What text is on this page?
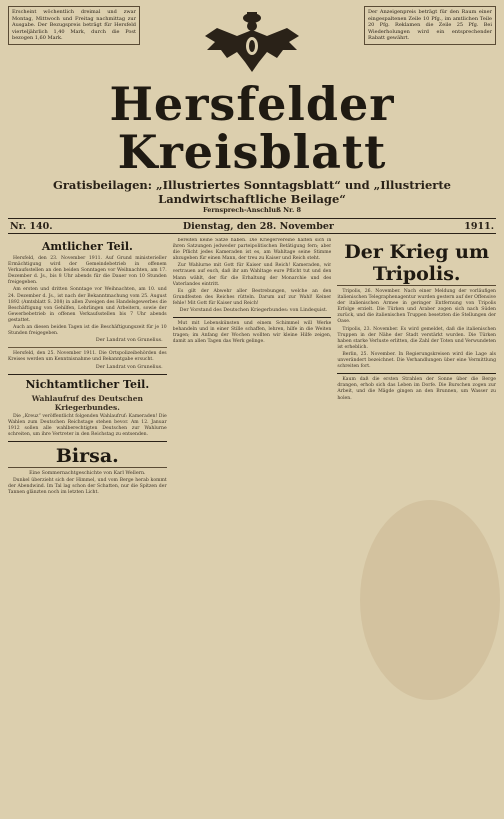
Erscheint wöchentlich dreimal und zwar Montag, Mittwoch und Freitag nachmittag zur Ausgabe. Der Bezugspreis beträgt für Hersfeld vierteljährlich 1,40 Mark, durch die Post bezogen 1,60 Mark.
Der Anzeigenpreis beträgt für den Raum einer eingespaltenen Zeile 10 Pfg., im amtlichen Teile 20 Pfg. Reklamen die Zeile 25 Pfg. Bei Wiederholungen wird ein entsprechender Rabatt gewährt.
Hersfelder Kreisblatt
Gratisbeilagen: „Illustriertes Sonntagsblatt“ und „Illustrierte Landwirtschaftliche Beilage“
Fernsprech-Anschluß Nr. 8
Nr. 140.	Dienstag, den 28. November	1911.
Amtlicher Teil.

Hersfeld, den 23. November 1911. Auf Grund ministerieller Ermächtigung wird der Gemeindebetrieb in offenem Verkaufsstellen an den beiden Sonntagen vor Weihnachten, am 17. Dezember d. Js., bis 8 Uhr abends für die Dauer von 10 Stunden freigegeben.

Am ersten und dritten Sonntage vor Weihnachten, am 10. und 24. Dezember d. Js., ist nach der Bekanntmachung vom 25. August 1892 (Amtsblatt S. 208) in allen Zweigen des Handelsgewerbes die Beschäftigung von Gehilfen, Lehrlingen und Arbeitern, sowie der Gewerbebetrieb in offenen Verkaufsstellen bis 7 Uhr abends gestattet.

Auch an diesen beiden Tagen ist die Beschäftigungszeit für je 10 Stunden freigegeben.

Der Landrat von Grunelius.

Hersfeld, den 25. November 1911. Die Ortspolizeibehörden des Kreises werden um Kenntnisnahme und Bekanntgabe ersucht.

Der Landrat von Grunelius.
Nichtamtlicher Teil.
Wahlaufruf des Deutschen Kriegerbundes.

Die „Kreuz“ veröffentlicht folgenden Wahlaufruf: Kameraden! Die Wahlen zum Deutschen Reichstage stehen bevor. Am 12. Januar 1912 sollen alle wahlberechtigten Deutschen zur Wahlurne schreiten, um ihre Vertreter in den Reichstag zu entsenden.

Birsa.
Eine Sommernachtgeschichte von Karl Wellern.

Dunkel überzieht sich der Himmel, und vom Berge herab kommt der Abendwind. Im Tal lag schon der Schatten, nur die Spitzen der Tannen glänzten noch im letzten Licht.

bereiten keine Sätze haben. Die Kriegervereine halten sich in ihren Satzungen jedweder parteipolitischen Betätigung fern; aber die Pflicht jedes Kameraden ist es, am Wahltage seine Stimme abzugeben für einen Mann, der treu zu Kaiser und Reich steht.

Zur Wahlurne mit Gott für Kaiser und Reich! Kameraden, wir vertrauen auf euch, daß ihr am Wahltage eure Pflicht tut und den Mann wählt, der für die Erhaltung der Monarchie und des Vaterlandes eintritt.

Es gilt der Abwehr aller Bestrebungen, welche an den Grundfesten des Reiches rütteln. Darum auf zur Wahl! Keiner fehle! Mit Gott für Kaiser und Reich!

Der Vorstand des Deutschen Kriegerbundes: von Lindequist.

Mut mit Lebenskünsten und einem Schimmel will Werke behandeln und in einer Stille schaffen, lehren, hilfe in die Weiten tragen; im Anfang der Wochen wollten wir kleine Hilfe zeigen, damit an allen Tagen das Werk gelinge.

Der Krieg um Tripolis.

Tripolis, 26. November. Nach einer Meldung der vorläufigen italienischen Telegraphenagentur wurden gestern auf der Offensive der italienischen Armee in geringer Entfernung von Tripolis Erfolge erzielt. Die Türken und Araber zogen sich nach Süden zurück, und die italienischen Truppen besetzten die Stellungen der Oase.

Tripolis, 23. November. Es wird gemeldet, daß die italienischen Truppen in der Nähe der Stadt verstärkt wurden. Die Türken haben starke Verluste erlitten, die Zahl der Toten und Verwundeten ist erheblich.

Berlin, 25. November. In Regierungskreisen wird die Lage als unverändert bezeichnet. Die Verhandlungen über eine Vermittlung schreiten fort.

Kaum daß die ersten Strahlen der Sonne über die Berge drangen, erhob sich das Leben im Dorfe. Die Burschen zogen zur Arbeit, und die Mägde gingen an den Brunnen, um Wasser zu holen.
